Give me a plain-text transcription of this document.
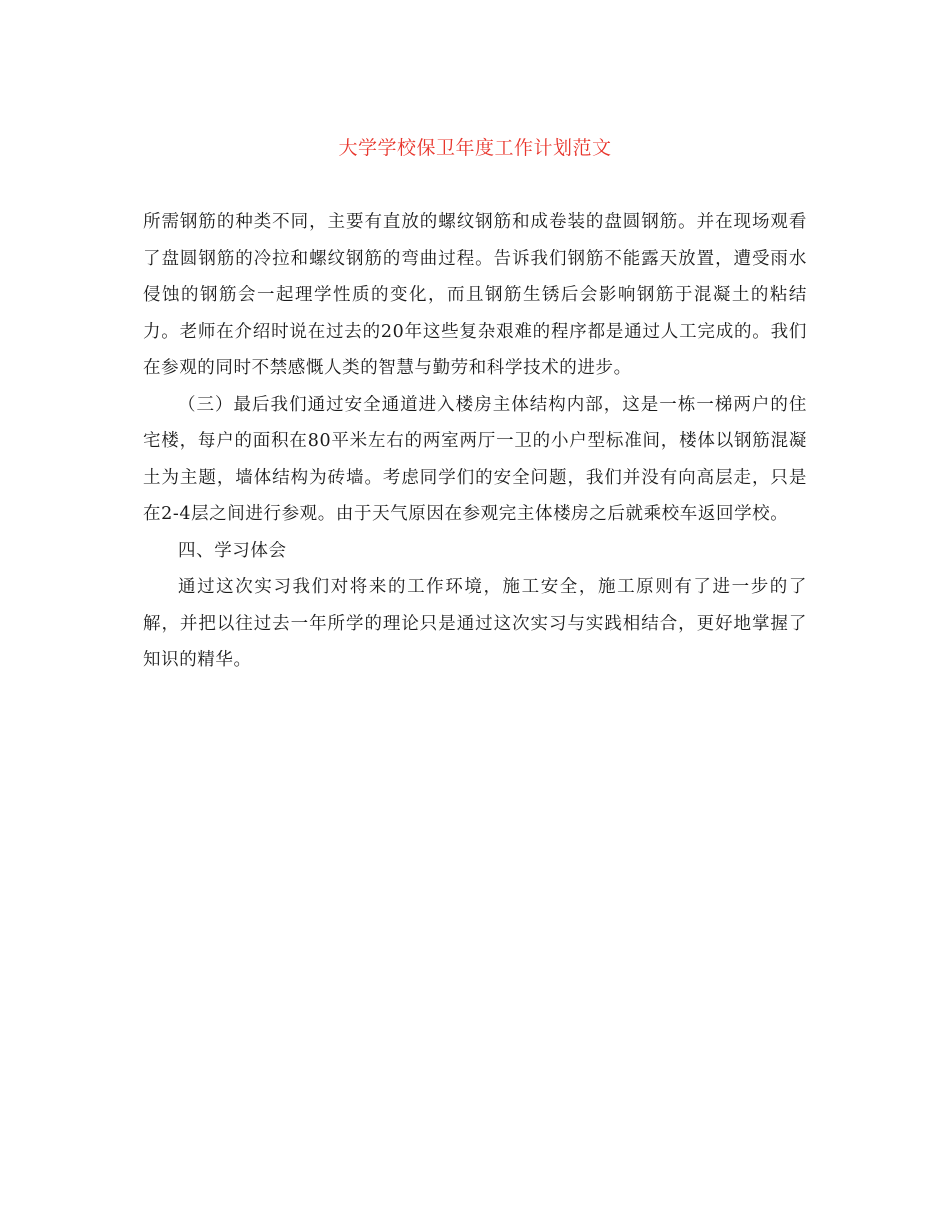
大学学校保卫年度工作计划范文

所需钢筋的种类不同，主要有直放的螺纹钢筋和成卷装的盘圆钢筋。并在现场观看了盘圆钢筋的冷拉和螺纹钢筋的弯曲过程。告诉我们钢筋不能露天放置，遭受雨水侵蚀的钢筋会一起理学性质的变化，而且钢筋生锈后会影响钢筋于混凝土的粘结力。老师在介绍时说在过去的20年这些复杂艰难的程序都是通过人工完成的。我们在参观的同时不禁感慨人类的智慧与勤劳和科学技术的进步。

（三）最后我们通过安全通道进入楼房主体结构内部，这是一栋一梯两户的住宅楼，每户的面积在80平米左右的两室两厅一卫的小户型标准间，楼体以钢筋混凝土为主题，墙体结构为砖墙。考虑同学们的安全问题，我们并没有向高层走，只是在2-4层之间进行参观。由于天气原因在参观完主体楼房之后就乘校车返回学校。

四、学习体会

通过这次实习我们对将来的工作环境，施工安全，施工原则有了进一步的了解，并把以往过去一年所学的理论只是通过这次实习与实践相结合，更好地掌握了知识的精华。
